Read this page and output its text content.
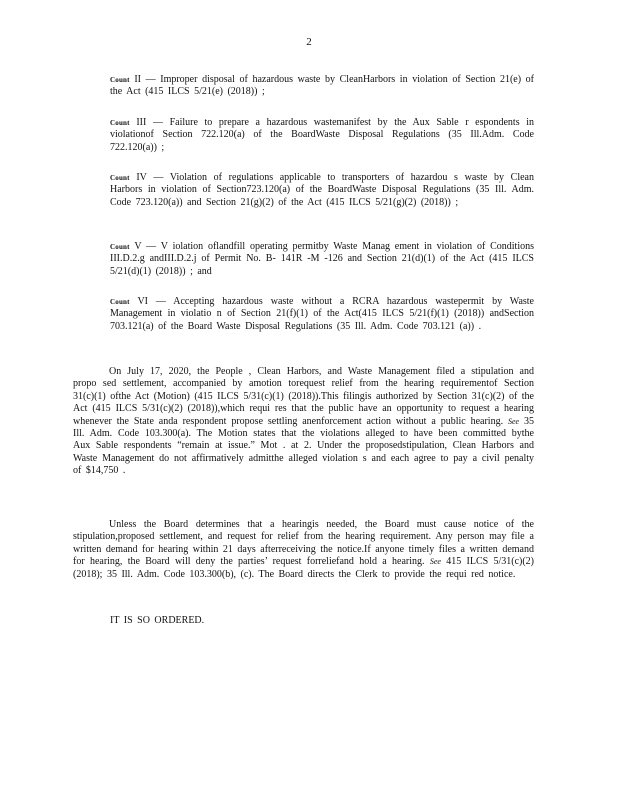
2
Count II — Improper disposal of hazardous waste by CleanHarbors in violation of Section 21(e) of the Act (415 ILCS 5/21(e) (2018)) ;
Count III — Failure to prepare a hazardous wastemanifest by the Aux Sable r espondents in violationof Section 722.120(a) of the BoardWaste Disposal Regulations (35 Ill.Adm. Code 722.120(a)) ;
Count IV — Violation of regulations applicable to transporters of hazardou s waste by Clean Harbors in violation of Section723.120(a) of the BoardWaste Disposal Regulations (35 Ill. Adm. Code 723.120(a)) and Section 21(g)(2) of the Act (415 ILCS 5/21(g)(2) (2018)) ;
Count V — V iolation oflandfill operating permitby Waste Manag ement in violation of Conditions III.D.2.g andIII.D.2.j of Permit No. B- 141R -M -126 and Section 21(d)(1) of the Act (415 ILCS 5/21(d)(1) (2018)) ; and
Count VI — Accepting hazardous waste without a RCRA hazardous wastepermit by Waste Management in violatio n of Section 21(f)(1) of the Act(415 ILCS 5/21(f)(1) (2018)) andSection 703.121(a) of the Board Waste Disposal Regulations (35 Ill. Adm. Code 703.121 (a)) .
On July 17, 2020, the People , Clean Harbors, and Waste Management filed a stipulation and propo sed settlement, accompanied by amotion torequest relief from the hearing requirementof Section 31(c)(1) ofthe Act (Motion) (415 ILCS 5/31(c)(1) (2018)).This filingis authorized by Section 31(c)(2) of the Act (415 ILCS 5/31(c)(2) (2018)),which requi res that the public have an opportunity to request a hearing whenever the State anda respondent propose settling anenforcement action without a public hearing. See 35 Ill. Adm. Code 103.300(a). The Motion states that the violations alleged to have been committed bythe Aux Sable respondents “remain at issue.” Mot . at 2. Under the proposedstipulation, Clean Harbors and Waste Management do not affirmatively admitthe alleged violation s and each agree to pay a civil penalty of $14,750 .
Unless the Board determines that a hearingis needed, the Board must cause notice of the stipulation,proposed settlement, and request for relief from the hearing requirement. Any person may file a written demand for hearing within 21 days afterreceiving the notice.If anyone timely files a written demand for hearing, the Board will deny the parties’ request forreliefand hold a hearing. See 415 ILCS 5/31(c)(2) (2018); 35 Ill. Adm. Code 103.300(b), (c). The Board directs the Clerk to provide the requi red notice.
IT IS SO ORDERED.
